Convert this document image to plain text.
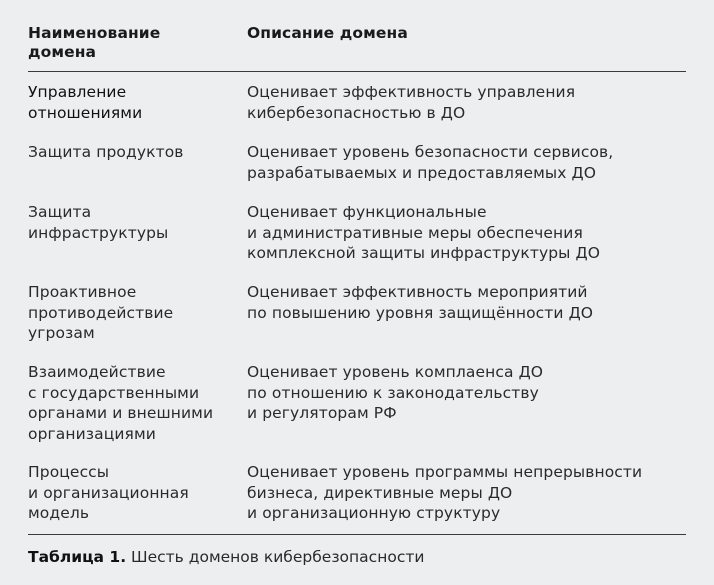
Наименование
домена
Описание домена
Управление
отношениями
Оценивает эффективность управления
кибербезопасностью в ДО
Защита продуктов	Оценивает уровень безопасности сервисов,
разрабатываемых и предоставляемых ДО
Защита
инфраструктуры
Оценивает функциональные
и административные меры обеспечения
комплексной защиты инфраструктуры ДО
Проактивное
противодействие
угрозам
Оценивает эффективность мероприятий
по повышению уровня защищённости ДО
Взаимодействие
с государственными
органами и внешними
организациями
Оценивает уровень комплаенса ДО
по отношению к законодательству
и регуляторам РФ
Процессы
и организационная
модель
Оценивает уровень программы непрерывности
бизнеса, директивные меры ДО
и организационную структуру
Таблица 1. Шесть доменов кибербезопасности
